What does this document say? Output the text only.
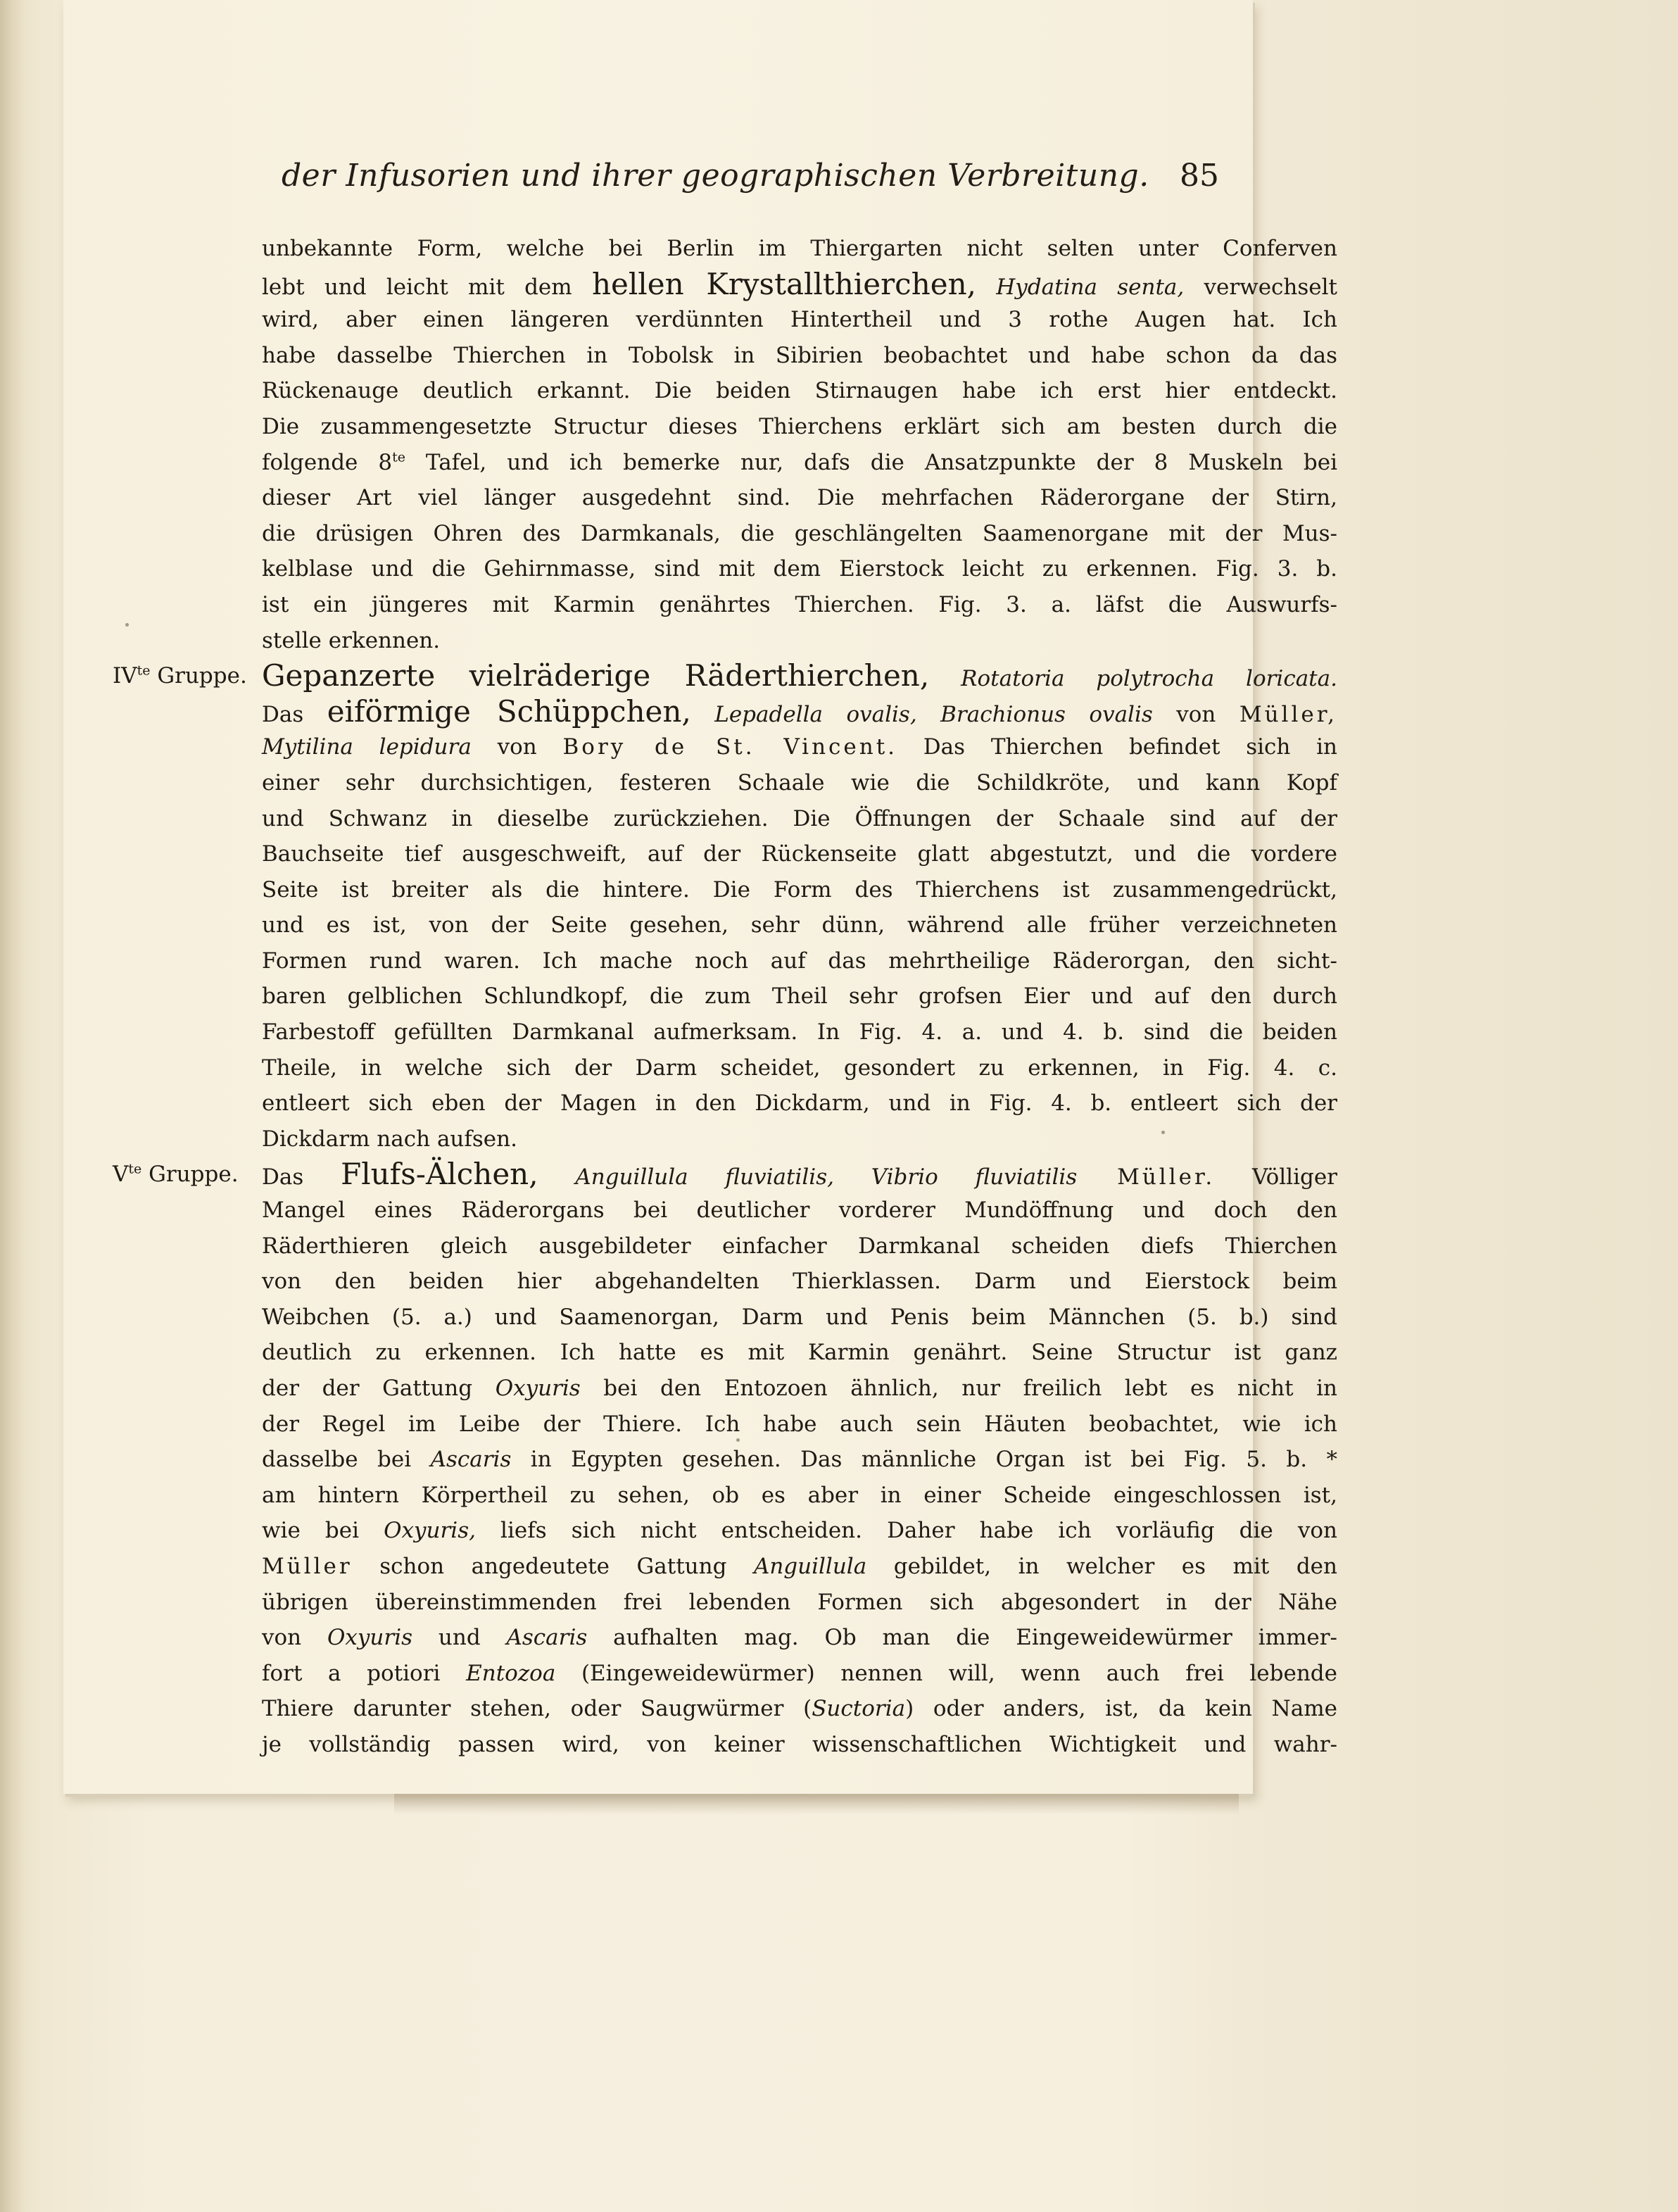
der Infusorien und ihrer geographischen Verbreitung. 85
unbekannte Form, welche bei Berlin im Thiergarten nicht selten unter Conferven
lebt und leicht mit dem hellen Krystallthierchen, Hydatina senta, verwechselt
wird, aber einen längeren verdünnten Hintertheil und 3 rothe Augen hat. Ich
habe dasselbe Thierchen in Tobolsk in Sibirien beobachtet und habe schon da das
Rückenauge deutlich erkannt. Die beiden Stirnaugen habe ich erst hier entdeckt.
Die zusammengesetzte Structur dieses Thierchens erklärt sich am besten durch die
folgende $8^{te}$ Tafel, und ich bemerke nur, dafs die Ansatzpunkte der 8 Muskeln bei
dieser Art viel länger ausgedehnt sind. Die mehrfachen Räderorgane der Stirn,
die drüsigen Ohren des Darmkanals, die geschlängelten Saamenorgane mit der Mus-
kelblase und die Gehirnmasse, sind mit dem Eierstock leicht zu erkennen. Fig. 3. b.
ist ein jüngeres mit Karmin genährtes Thierchen. Fig. 3. a. läfst die Auswurfs-
stelle erkennen.
$IV^{te}$ Gruppe. Gepanzerte vielräderige Räderthierchen, Rotatoria polytrocha loricata.
Das eiförmige Schüppchen, Lepadella ovalis, Brachionus ovalis von Müller,
Mytilina lepidura von Bory de St. Vincent. Das Thierchen befindet sich in
einer sehr durchsichtigen, festeren Schaale wie die Schildkröte, und kann Kopf
und Schwanz in dieselbe zurückziehen. Die Öffnungen der Schaale sind auf der
Bauchseite tief ausgeschweift, auf der Rückenseite glatt abgestutzt, und die vordere
Seite ist breiter als die hintere. Die Form des Thierchens ist zusammengedrückt,
und es ist, von der Seite gesehen, sehr dünn, während alle früher verzeichneten
Formen rund waren. Ich mache noch auf das mehrtheilige Räderorgan, den sicht-
baren gelblichen Schlundkopf, die zum Theil sehr grofsen Eier und auf den durch
Farbestoff gefüllten Darmkanal aufmerksam. In Fig. 4. a. und 4. b. sind die beiden
Theile, in welche sich der Darm scheidet, gesondert zu erkennen, in Fig. 4. c.
entleert sich eben der Magen in den Dickdarm, und in Fig. 4. b. entleert sich der
Dickdarm nach aufsen.
$V^{te}$ Gruppe. Das Flufs-Älchen, Anguillula fluviatilis, Vibrio fluviatilis Müller. Völliger
Mangel eines Räderorgans bei deutlicher vorderer Mundöffnung und doch den
Räderthieren gleich ausgebildeter einfacher Darmkanal scheiden diefs Thierchen
von den beiden hier abgehandelten Thierklassen. Darm und Eierstock beim
Weibchen (5. a.) und Saamenorgan, Darm und Penis beim Männchen (5. b.) sind
deutlich zu erkennen. Ich hatte es mit Karmin genährt. Seine Structur ist ganz
der der Gattung Oxyuris bei den Entozoen ähnlich, nur freilich lebt es nicht in
der Regel im Leibe der Thiere. Ich habe auch sein Häuten beobachtet, wie ich
dasselbe bei Ascaris in Egypten gesehen. Das männliche Organ ist bei Fig. 5. b. *
am hintern Körpertheil zu sehen, ob es aber in einer Scheide eingeschlossen ist,
wie bei Oxyuris, liefs sich nicht entscheiden. Daher habe ich vorläufig die von
Müller schon angedeutete Gattung Anguillula gebildet, in welcher es mit den
übrigen übereinstimmenden frei lebenden Formen sich abgesondert in der Nähe
von Oxyuris und Ascaris aufhalten mag. Ob man die Eingeweidewürmer immer-
fort a potiori Entozoa (Eingeweidewürmer) nennen will, wenn auch frei lebende
Thiere darunter stehen, oder Saugwürmer (Suctoria) oder anders, ist, da kein Name
je vollständig passen wird, von keiner wissenschaftlichen Wichtigkeit und wahr-
